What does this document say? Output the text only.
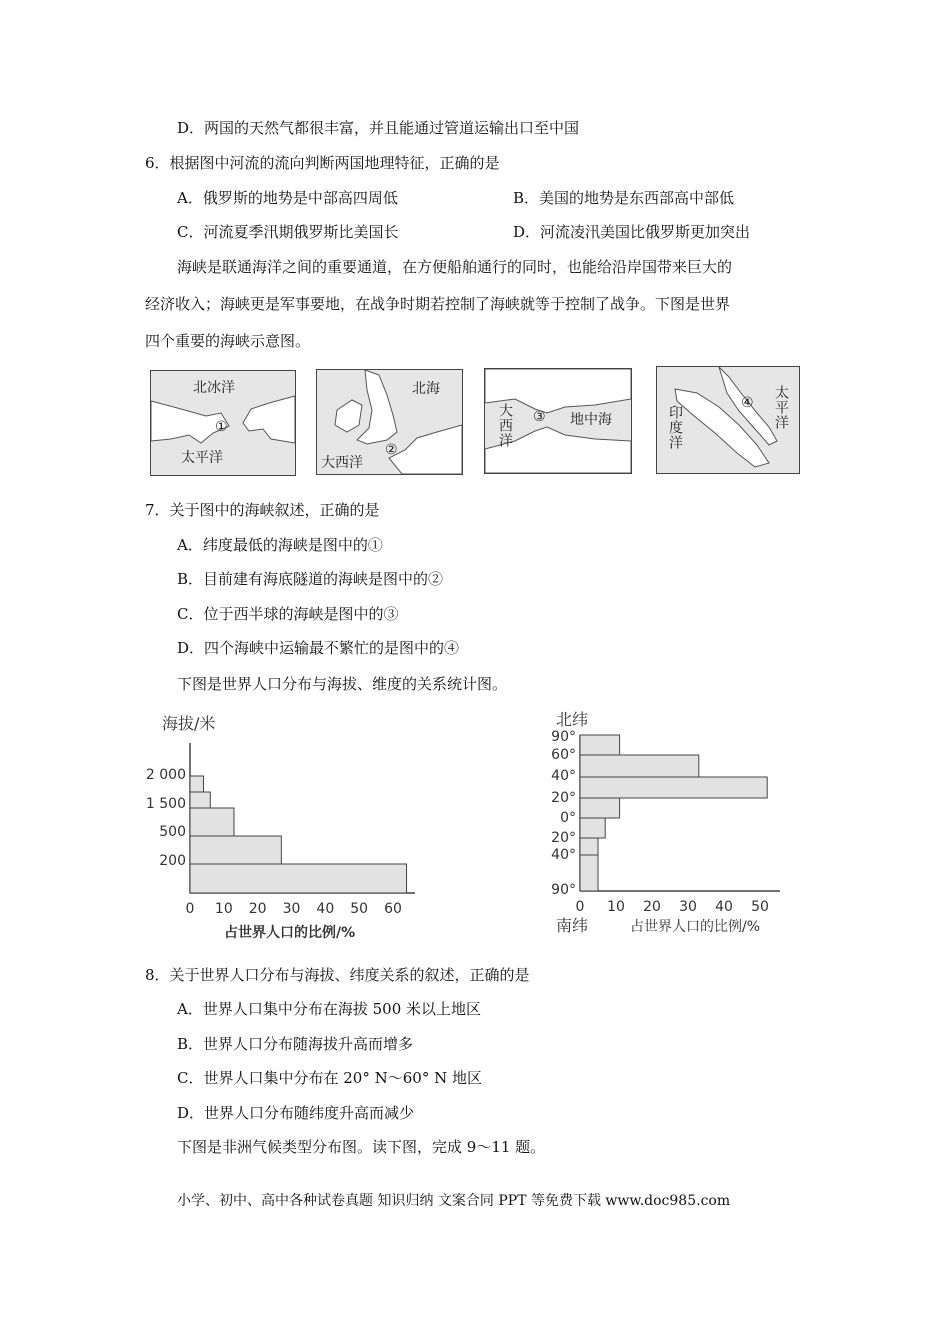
D．两国的天然气都很丰富，并且能通过管道运输出口至中国
6．根据图中河流的流向判断两国地理特征，正确的是
A．俄罗斯的地势是中部高四周低	B．美国的地势是东西部高中部低
C．河流夏季汛期俄罗斯比美国长	D．河流凌汛美国比俄罗斯更加突出
海峡是联通海洋之间的重要通道，在方便船舶通行的同时，也能给沿岸国带来巨大的
经济收入；海峡更是军事要地，在战争时期若控制了海峡就等于控制了战争。下图是世界
四个重要的海峡示意图。
北冰洋
①
太平洋
北海
②
大西洋
大西洋 ③ 地中海	印度洋
④ 太平洋
7．关于图中的海峡叙述，正确的是
A．纬度最低的海峡是图中的①
B．目前建有海底隧道的海峡是图中的②
C．位于西半球的海峡是图中的③
D．四个海峡中运输最不繁忙的是图中的④
下图是世界人口分布与海拔、维度的关系统计图。
海拔/米
200
500
1 500
2 000
0 10 20 30 40 50 60
占世界人口的比例/%
北纬
90°
60°
40°
20°
0°
20°
40°
90°
0 10 20 30 40 50
南纬	占世界人口的比例/%
8．关于世界人口分布与海拔、纬度关系的叙述，正确的是
A．世界人口集中分布在海拔 500 米以上地区
B．世界人口分布随海拔升高而增多
C．世界人口集中分布在 20° N～60° N 地区
D．世界人口分布随纬度升高而减少
下图是非洲气候类型分布图。读下图，完成 9～11 题。
小学、初中、高中各种试卷真题 知识归纳 文案合同 PPT 等免费下载 www.doc985.com
